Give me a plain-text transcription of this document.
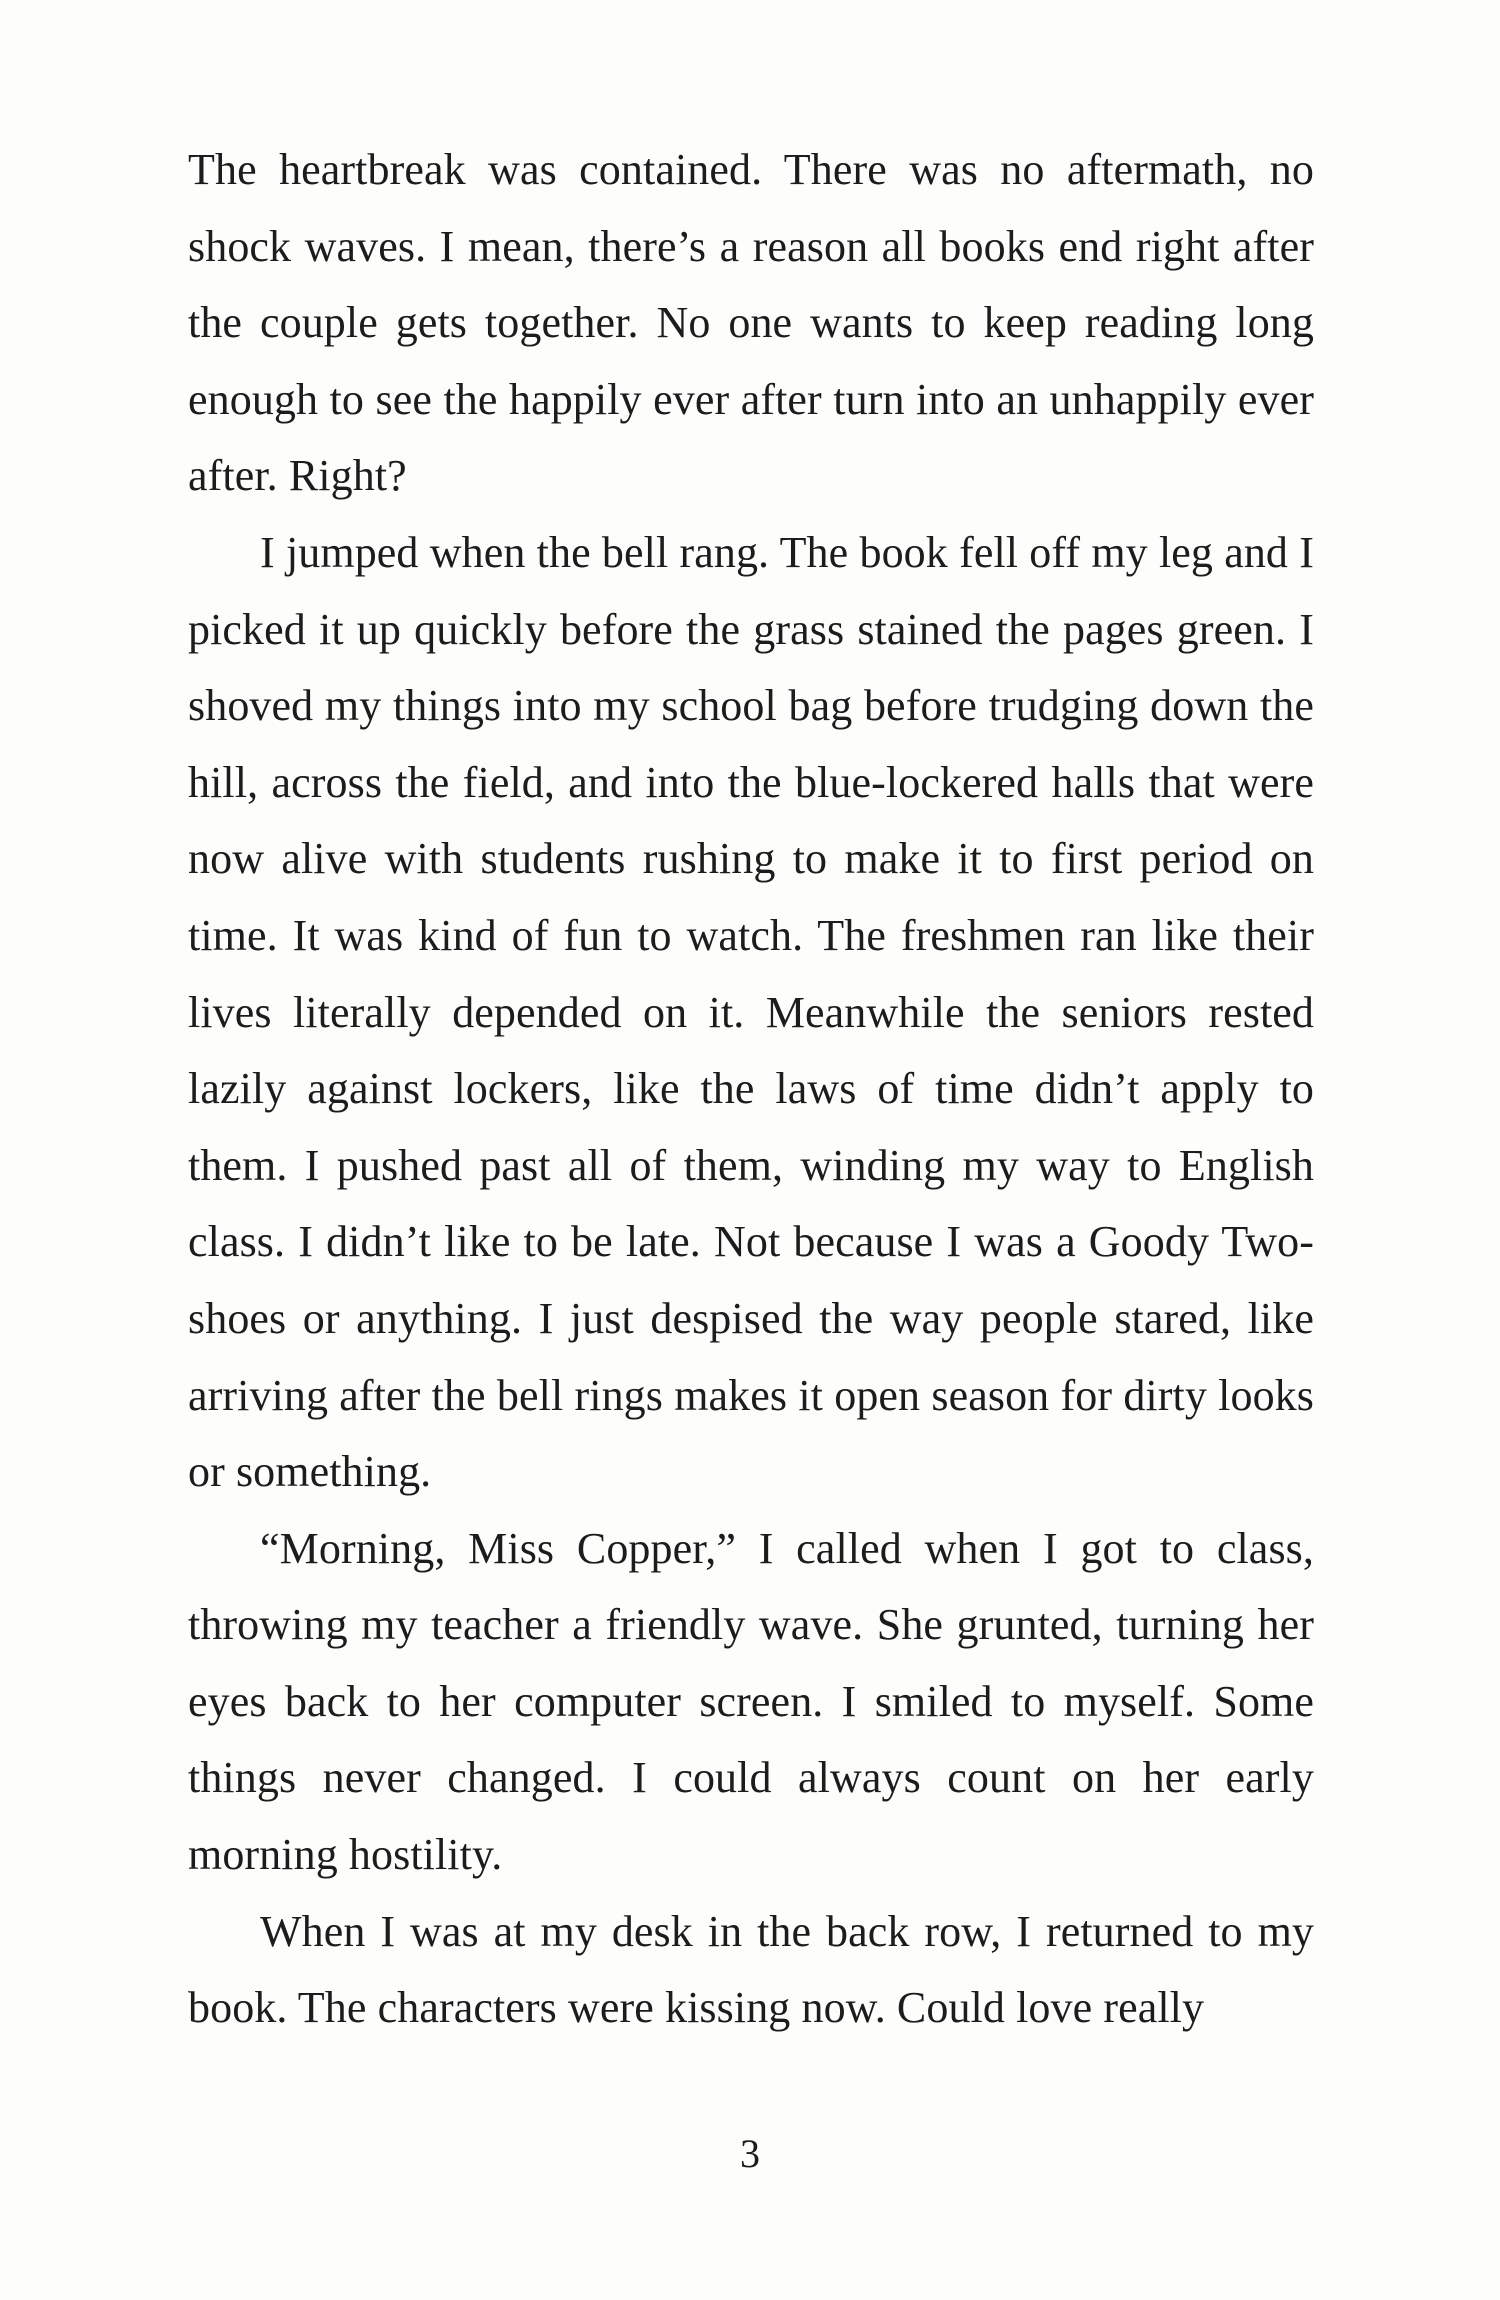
The heartbreak was contained. There was no aftermath, no shock waves. I mean, there’s a reason all books end right after the couple gets together. No one wants to keep reading long enough to see the happily ever after turn into an unhappily ever after. Right?

I jumped when the bell rang. The book fell off my leg and I picked it up quickly before the grass stained the pages green. I shoved my things into my school bag before trudging down the hill, across the field, and into the blue-lockered halls that were now alive with students rushing to make it to first period on time. It was kind of fun to watch. The freshmen ran like their lives literally depended on it. Meanwhile the seniors rested lazily against lockers, like the laws of time didn’t apply to them. I pushed past all of them, winding my way to English class. I didn’t like to be late. Not because I was a Goody Two-shoes or anything. I just despised the way people stared, like arriving after the bell rings makes it open season for dirty looks or something.

“Morning, Miss Copper,” I called when I got to class, throwing my teacher a friendly wave. She grunted, turning her eyes back to her computer screen. I smiled to myself. Some things never changed. I could always count on her early morning hostility.

When I was at my desk in the back row, I returned to my book. The characters were kissing now. Could love really

3
